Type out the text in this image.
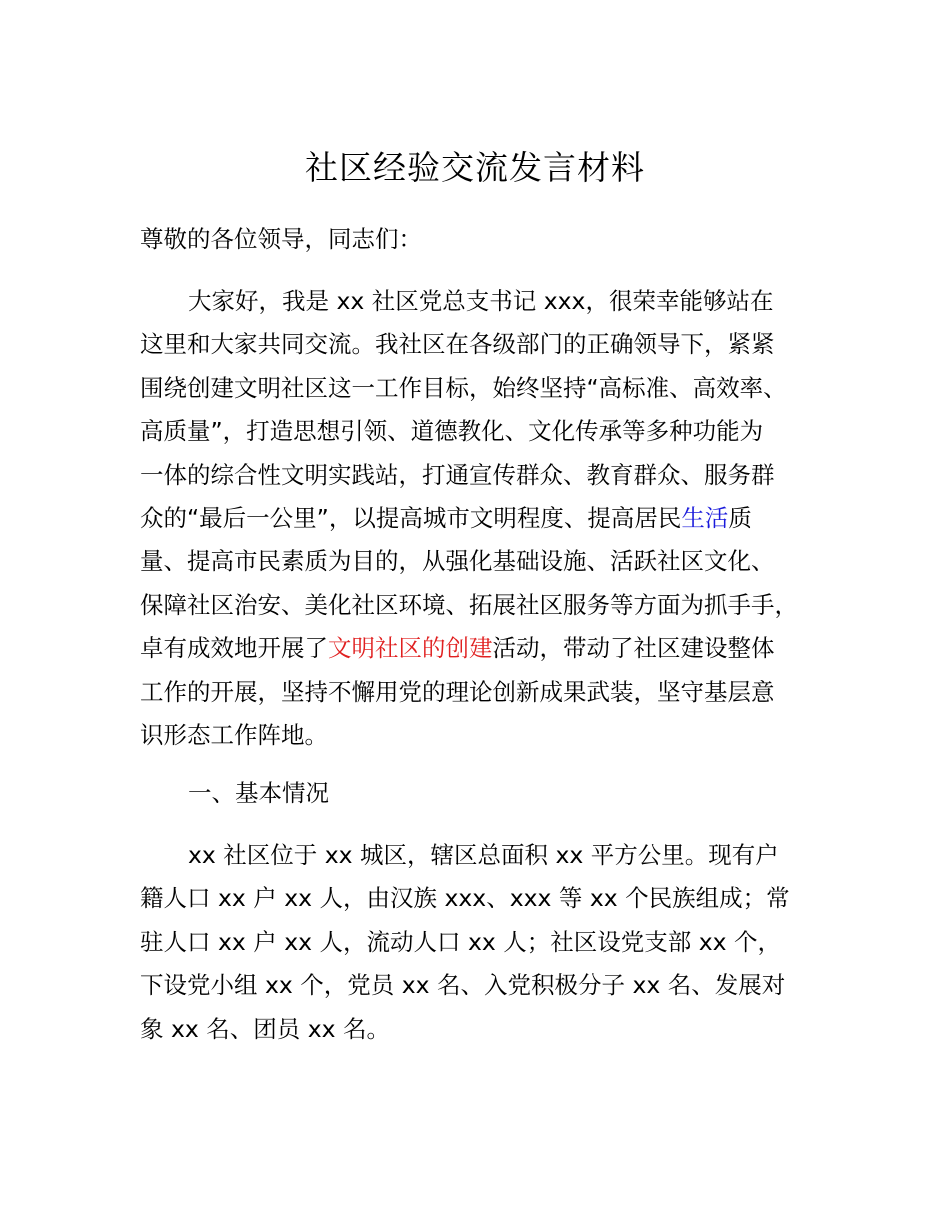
社区经验交流发言材料
尊敬的各位领导，同志们：
大家好，我是 xx 社区党总支书记 xxx，很荣幸能够站在
这里和大家共同交流。我社区在各级部门的正确领导下，紧紧
围绕创建文明社区这一工作目标，始终坚持“高标准、高效率、
高质量”，打造思想引领、道德教化、文化传承等多种功能为
一体的综合性文明实践站，打通宣传群众、教育群众、服务群
众的“最后一公里”，以提高城市文明程度、提高居民生活质
量、提高市民素质为目的，从强化基础设施、活跃社区文化、
保障社区治安、美化社区环境、拓展社区服务等方面为抓手手，
卓有成效地开展了文明社区的创建活动，带动了社区建设整体
工作的开展，坚持不懈用党的理论创新成果武装，坚守基层意
识形态工作阵地。
一、基本情况
xx 社区位于 xx 城区，辖区总面积 xx 平方公里。现有户
籍人口 xx 户 xx 人，由汉族 xxx、xxx 等 xx 个民族组成；常
驻人口 xx 户 xx 人，流动人口 xx 人；社区设党支部 xx 个，
下设党小组 xx 个，党员 xx 名、入党积极分子 xx 名、发展对
象 xx 名、团员 xx 名。
